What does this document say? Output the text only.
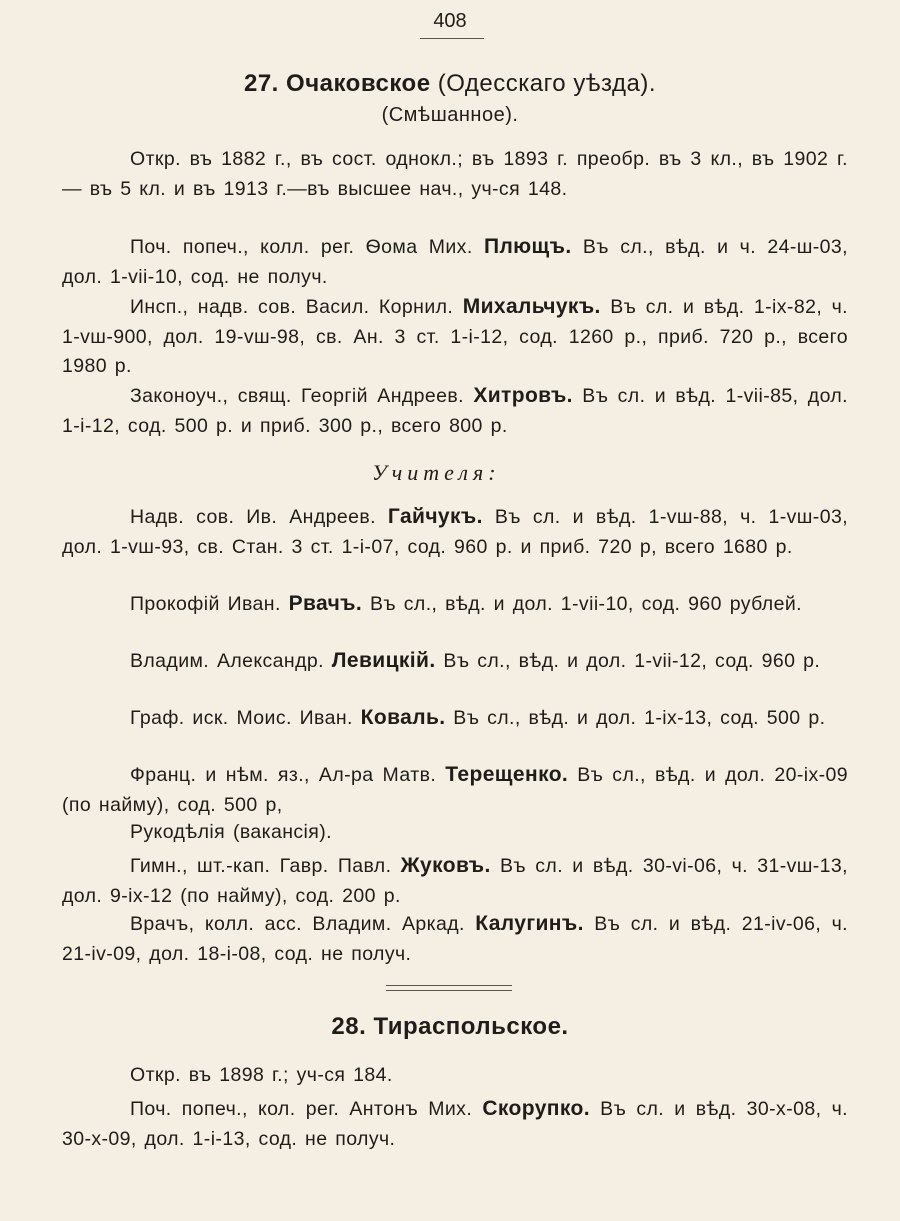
408
27. Очаковское (Одесскаго уѣзда).
(Смѣшанное).
Откр. въ 1882 г., въ сост. однокл.; въ 1893 г. преобр. въ 3 кл., въ 1902 г. — въ 5 кл. и въ 1913 г.—въ высшее нач., уч-ся 148.
Поч. попеч., колл. рег. Ѳома Мих. Плющъ. Въ сл., вѣд. и ч. 24-ш-03, дол. 1-vii-10, сод. не получ.
Инсп., надв. сов. Васил. Корнил. Михальчукъ. Въ сл. и вѣд. 1-ix-82, ч. 1-vш-900, дол. 19-vш-98, св. Ан. 3 ст. 1-i-12, сод. 1260 р., приб. 720 р., всего 1980 р.
Законоуч., свящ. Георгій Андреев. Хитровъ. Въ сл. и вѣд. 1-vii-85, дол. 1-i-12, сод. 500 р. и приб. 300 р., всего 800 р.
Учителя:
Надв. сов. Ив. Андреев. Гайчукъ. Въ сл. и вѣд. 1-vш-88, ч. 1-vш-03, дол. 1-vш-93, св. Стан. 3 ст. 1-i-07, сод. 960 р. и приб. 720 р, всего 1680 р.
Прокофій Иван. Рвачъ. Въ сл., вѣд. и дол. 1-vii-10, сод. 960 рублей.
Владим. Александр. Левицкій. Въ сл., вѣд. и дол. 1-vii-12, сод. 960 р.
Граф. иск. Моис. Иван. Коваль. Въ сл., вѣд. и дол. 1-ix-13, сод. 500 р.
Франц. и нѣм. яз., Ал-ра Матв. Терещенко. Въ сл., вѣд. и дол. 20-ix-09 (по найму), сод. 500 р,
Рукодѣлія (вакансія).
Гимн., шт.-кап. Гавр. Павл. Жуковъ. Въ сл. и вѣд. 30-vi-06, ч. 31-vш-13, дол. 9-ix-12 (по найму), сод. 200 р.
Врачъ, колл. асс. Владим. Аркад. Калугинъ. Въ сл. и вѣд. 21-iv-06, ч. 21-iv-09, дол. 18-i-08, сод. не получ.
28. Тираспольское.
Откр. въ 1898 г.; уч-ся 184.
Поч. попеч., кол. рег. Антонъ Мих. Скорупко. Въ сл. и вѣд. 30-x-08, ч. 30-x-09, дол. 1-i-13, сод. не получ.
